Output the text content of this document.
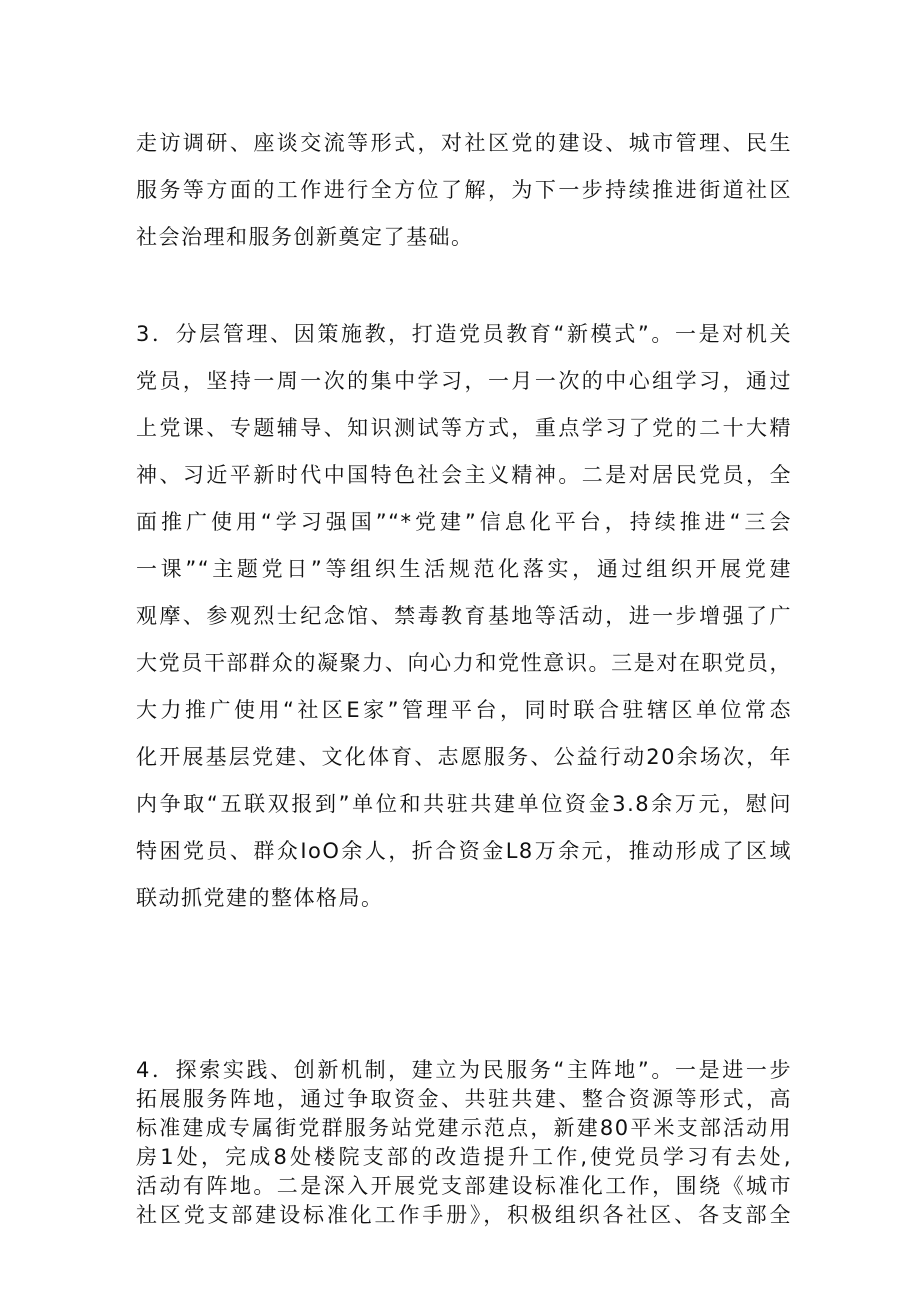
走访调研、座谈交流等形式，对社区党的建设、城市管理、民生
服务等方面的工作进行全方位了解，为下一步持续推进街道社区
社会治理和服务创新奠定了基础。
3．分层管理、因策施教，打造党员教育“新模式”。一是对机关
党员，坚持一周一次的集中学习，一月一次的中心组学习，通过
上党课、专题辅导、知识测试等方式，重点学习了党的二十大精
神、习近平新时代中国特色社会主义精神。二是对居民党员，全
面推广使用“学习强国”“*党建”信息化平台，持续推进“三会
一课”“主题党日”等组织生活规范化落实，通过组织开展党建
观摩、参观烈士纪念馆、禁毒教育基地等活动，进一步增强了广
大党员干部群众的凝聚力、向心力和党性意识。三是对在职党员，
大力推广使用“社区E家”管理平台，同时联合驻辖区单位常态
化开展基层党建、文化体育、志愿服务、公益行动20余场次，年
内争取“五联双报到”单位和共驻共建单位资金3.8余万元，慰问
特困党员、群众IoO余人，折合资金L8万余元，推动形成了区域
联动抓党建的整体格局。
4．探索实践、创新机制，建立为民服务“主阵地”。一是进一步
拓展服务阵地，通过争取资金、共驻共建、整合资源等形式，高
标准建成专属街党群服务站党建示范点，新建80平米支部活动用
房1处，完成8处楼院支部的改造提升工作,使党员学习有去处,
活动有阵地。二是深入开展党支部建设标准化工作，围绕《城市
社区党支部建设标准化工作手册》，积极组织各社区、各支部全
